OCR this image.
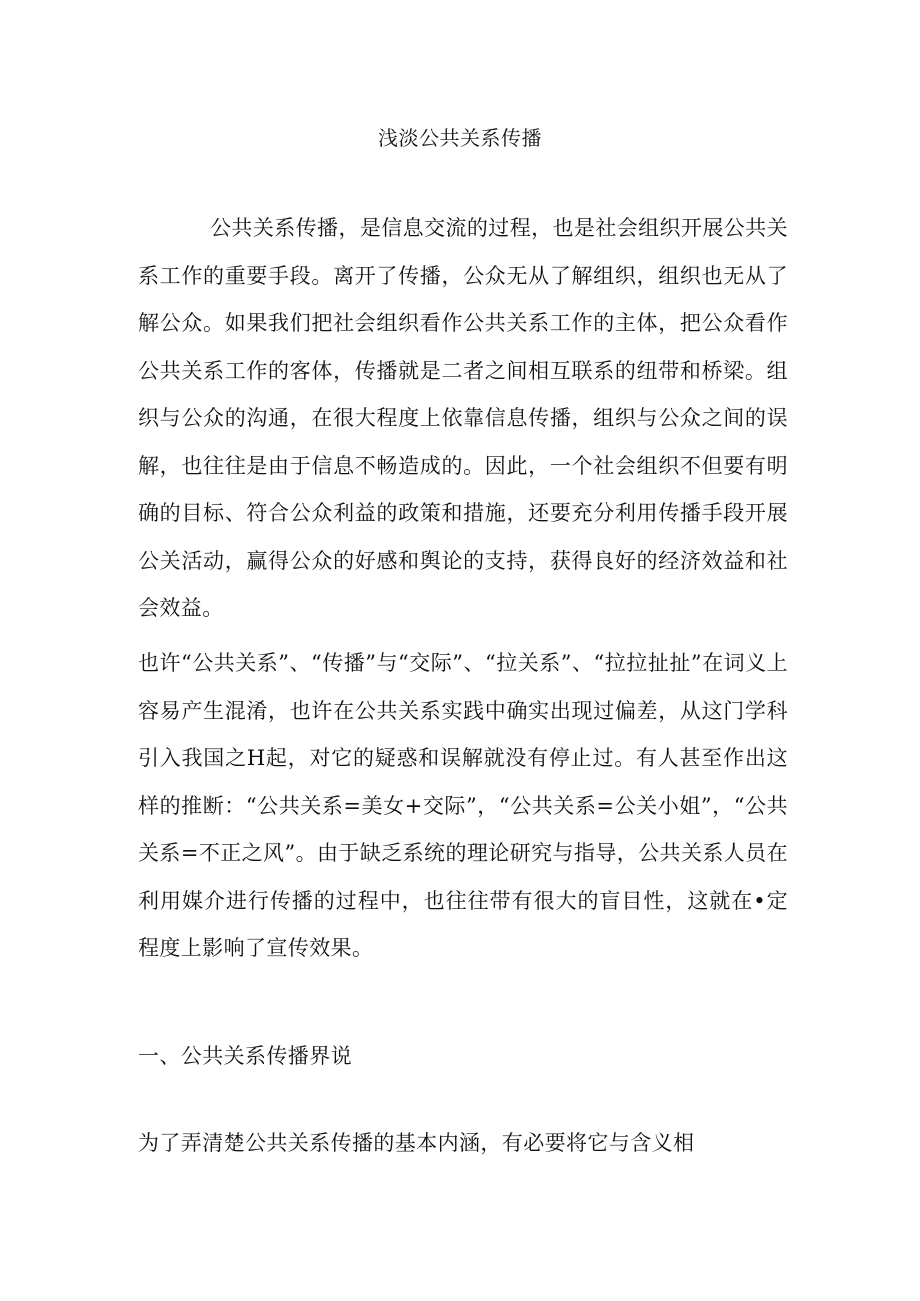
浅淡公共关系传播

公共关系传播，是信息交流的过程，也是社会组织开展公共关系工作的重要手段。离开了传播，公众无从了解组织，组织也无从了解公众。如果我们把社会组织看作公共关系工作的主体，把公众看作公共关系工作的客体，传播就是二者之间相互联系的纽带和桥梁。组织与公众的沟通，在很大程度上依靠信息传播，组织与公众之间的误解，也往往是由于信息不畅造成的。因此，一个社会组织不但要有明确的目标、符合公众利益的政策和措施，还要充分利用传播手段开展公关活动，赢得公众的好感和舆论的支持，获得良好的经济效益和社会效益。

也许“公共关系”、“传播”与“交际”、“拉关系”、“拉拉扯扯”在词义上容易产生混淆，也许在公共关系实践中确实出现过偏差，从这门学科引入我国之H起，对它的疑惑和误解就没有停止过。有人甚至作出这样的推断：“公共关系=美女+交际”，“公共关系=公关小姐”，“公共关系=不正之风”。由于缺乏系统的理论研究与指导，公共关系人员在利用媒介进行传播的过程中，也往往带有很大的盲目性，这就在•定程度上影响了宣传效果。

一、公共关系传播界说

为了弄清楚公共关系传播的基本内涵，有必要将它与含义相
